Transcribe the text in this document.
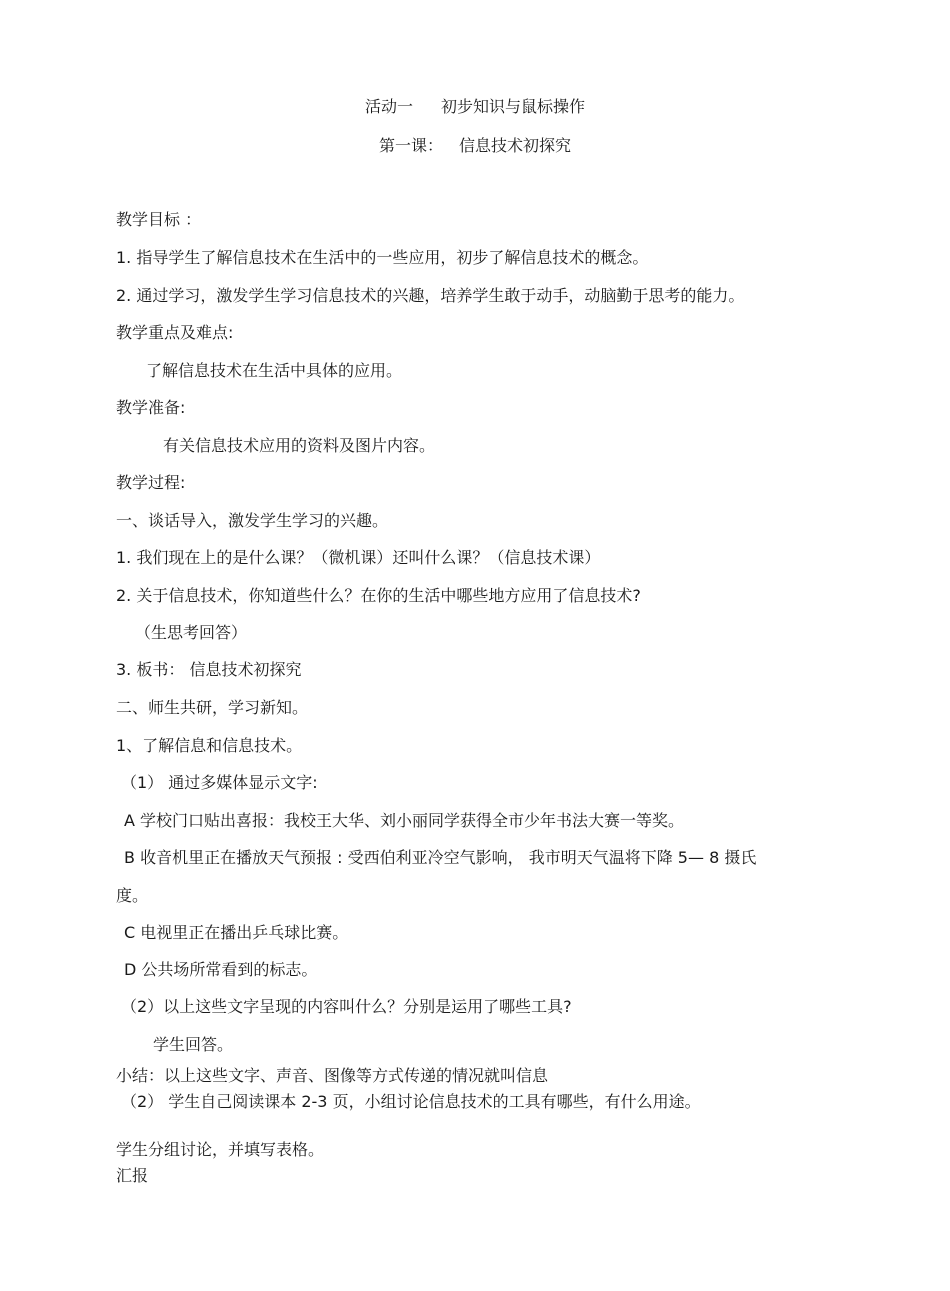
活动一 初步知识与鼠标操作
第一课： 信息技术初探究
教学目标 ：
1. 指导学生了解信息技术在生活中的一些应用，初步了解信息技术的概念。
2. 通过学习，激发学生学习信息技术的兴趣，培养学生敢于动手，动脑勤于思考的能力。
教学重点及难点:
了解信息技术在生活中具体的应用。
教学准备:
有关信息技术应用的资料及图片内容。
教学过程:
一、谈话导入，激发学生学习的兴趣。
1. 我们现在上的是什么课？（微机课）还叫什么课？（信息技术课）
2. 关于信息技术，你知道些什么？在你的生活中哪些地方应用了信息技术?
（生思考回答）
3. 板书： 信息技术初探究
二、师生共研，学习新知。
1、了解信息和信息技术。
（1） 通过多媒体显示文字:
A 学校门口贴出喜报：我校王大华、刘小丽同学获得全市少年书法大赛一等奖。
B 收音机里正在播放天气预报 : 受西伯利亚冷空气影响， 我市明天气温将下降 5— 8 摄氏
度。
C 电视里正在播出乒乓球比赛。
D 公共场所常看到的标志。
（2）以上这些文字呈现的内容叫什么？分别是运用了哪些工具?
学生回答。
小结：以上这些文字、声音、图像等方式传递的情况就叫信息
（2） 学生自己阅读课本 2-3 页，小组讨论信息技术的工具有哪些，有什么用途。
学生分组讨论，并填写表格。
汇报
